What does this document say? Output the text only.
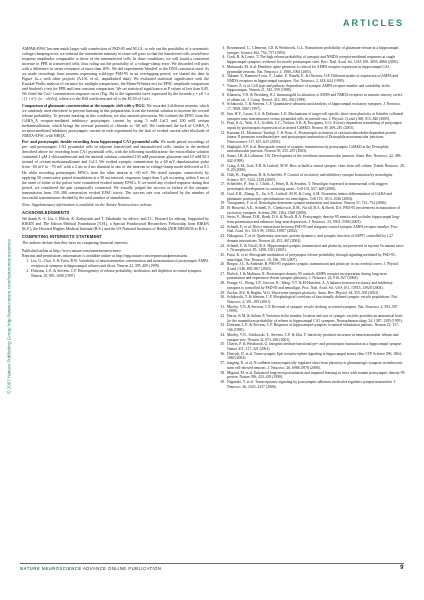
ARTICLES
© 2007 Nature Publishing Group http://www.nature.com/natureneuroscience

AMPAR-EPSC became much larger with transfection of PSD-95 and NLG1, to rule out the possibility of a systematic voltage-clamping error, we reduced the stimulation intensity in some cell pairs so that the transfected cells would have response amplitudes comparable to those of the untransfected cells. In those conditions, we still found a consistent increase in PPR in transfected cells, thus ruling out the possibility of a voltage-clamp error. We discarded cell pairs with a difference in series resistance of more than 20%. We did experiments 'blinded' to the DNA constructs used. As we made recordings from neurons expressing wild-type PSD-95 in an overlapping period, we shared the data in Figure 1a–c with other projects (A.I.K. et al., unpublished data). We evaluated statistical significance with the Kruskal-Wallis analysis of variance for multiple comparisons, the Mann-Whitney test for EPSC amplitude comparison and Student's t-test for PPR and time constant comparison. We set statistical significance at P values of less than 0.05. We fitted the Ca2+ concentration response curve (Fig. 3b) to the sigmoidal curve expressed by the formula y = y0 + a / [1 + e^(−(x − x0)/b)], where a is the Hill coefficient and x0 is the EC50 of Ca2+.

Comparison of glutamate concentration at the synaptic cleft with γ-DGG. We recorded 2 different neurons, which we randomly used elsewhere to prevent bursting in this preparations, from the external solution to increase the overall release probability. To prevent bursting in this condition, we also omitted picrotoxin. We isolated the EPSC from the GABA_A receptor-mediated inhibitory postsynaptic current by using 5 mM CaCl and 100 mM cesium methanesulfonate, which brings the reversal potential of chloride to −60 mV. We confirmed the lack of GABA_A receptor-mediated inhibitory postsynaptic current in each experiment by the lack of evoked current after blockade of NMDA-EPSC with NBQX.

Pre- and postsynaptic double recording from hippocampal CA3 pyramidal cells. We made paired recordings of pre- and postsynaptic CA3 pyramidal cells in adjacent transfected and untransfected cells, similar to the method described above for recording from CA1 pyramidal cells, with the following modifications: the extracellular solution contained 1 µM 2-chloroadenosine and the internal solution contained 130 mM potassium gluconate and 10 mM KCl instead of cesium methanesulfonate and CsCl. We evoked synaptic transmission by a 60 mV depolarization pulse from −60 mV to −70 mV with a 2 ms to 4 ms duration to one of the neurons in voltage-clamp mode delivered at 0.1 Hz while recording postsynaptic EPSCs from the other neuron at −60 mV. We tested synaptic connectivity by applying 50 consecutive paired stimulations at a 50 ms interval; responses larger than 5 pA occurring within 5 ms of the onset of either of the pulses were considered evoked unitary EPSCs. If we noted any evoked response during that period, we considered the pair synaptically connected. We visually judged the success or failure of the synaptic transmission from 150–300 consecutive evoked EPSC traces. The success rate was calculated by the number of successful transmissions divided by the total number of stimulations.

Note: Supplementary information is available on the Nature Neuroscience website.

ACKNOWLEDGMENTS

We thank K.-S. Liu, I. Ehlich, K. Kobayashi and T. Takahashi for advice, and J.C. Howard for editing. Supported by RIKEN and The Edison Medical Foundation (Y.H.), a Special Postdoctoral Researchers Fellowship from RIKEN (K.F.), the Howard Hughes Medical Institute (R.S.) and the US National Institutes of Health (NIH MH38256 to R.S.).

COMPETING INTERESTS STATEMENT

The authors declare that they have no competing financial interests.

Published online at http://www.nature.com/natureneuroscience
Reprints and permissions information is available online at http://npg.nature.com/reprintsandpermissions

1. Liu, G., Choi, S. & Tsien, R.W. Variability of neurotransmitter concentration and nonsaturation of postsynaptic AMPA receptors at synapses in hippocampal cultures and slices. Neuron 22, 395–409 (1999).
2. Dobrunz, L.E. & Stevens, C.F. Heterogeneity of release probability, facilitation, and depletion at central synapses. Neuron 18, 995–1008 (1997).
3. Rosenmund, C., Clements, J.D. & Westbrook, G.L. Nonuniform probability of glutamate release at a hippocampal synapse. Science 262, 754–757 (1993).
4. Cook, R. & Lomo, T. The high release probability of synaptic and NMDA receptor-mediated responses at single hippocampal synapses: evidence for motile postsynaptic sites. Proc. Natl. Acad. Sci. USA 100, 4855–4860 (2003).
5. Matsuzaki, M. et al. Dendritic spine geometry is critical for AMPA receptor expression in hippocampal CA1 pyramidal neurons. Nat. Neurosci. 4, 1086–1092 (2001).
6. Takumi, Y., Ramirez-Leon, V., Laake, P., Rinvik, E. & Ottersen, O.P. Different modes of expression of AMPA and NMDA receptors in hippocampal synapses. Nat. Neurosci. 2, 618–624 (1999).
7. Nusser, Z. et al. Cell type and pathway dependence of synaptic AMPA receptor number and variability in the hippocampus. Neuron 21, 545–559 (1998).
8. Kharazia, V.N. & Weinberg, R.J. Immunogold localization of AMPA and NMDA receptors in somatic sensory cortex of albino rat. J. Comp. Neurol. 412, 292–302 (1999).
9. Schikorski, T. & Stevens, C.F. Quantitative ultrastructural analysis of hippocampal excitatory synapses. J. Neurosci. 17, 5858–5867 (1997).
10. Sun, H.Y., Lyons, S.A. & Dobrunz, L.E. Mechanisms of target-cell specific short-term plasticity at Schaffer collateral synapses onto interneurones versus pyramidal cells in juvenile rats. J. Physiol. (Lond.) 568, 815–840 (2005).
11. Pratt, K.G., Watt, A.J., Griffith, L.C., Nelson, S.B. & Turrigiano, G.G. Activity-dependent remodeling of presynaptic inputs by postsynaptic expression of activated CaMKII. Neuron 39, 269–281 (2003).
12. Kazama, H., Morimoto-Tanifuji, T. & Nose, A. Postsynaptic activation of calcium/calmodulin-dependent protein kinase II promotes coordinated pre- and postsynaptic maturation of Drosophila neuromuscular junctions. Neuroscience 117, 615–625 (2003).
13. Haghighi, A.P. et al. Retrograde control of synaptic transmission by postsynaptic CaMKII at the Drosophila neuromuscular junction. Neuron 39, 255–267 (2003).
14. Sanes, J.R. & Lichtman, J.W. Development of the vertebrate neuromuscular junction. Annu. Rev. Neurosci. 22, 389–442 (1999).
15. Craig, A.M., Graf, E.R. & Linhoff, M.W. How to build a central synapse: clues from cell culture. Trends Neurosci. 29, 8–20 (2006).
16. Chih, B., Engelman, H. & Scheiffele, P. Control of excitatory and inhibitory synapse formation by neuroligins. Science 307, 1324–1328 (2005).
17. Scheiffele, P., Fan, J., Choih, J., Fetter, R. & Serafini, T. Neuroligin expressed in nonneuronal cells triggers presynaptic development in contacting axons. Cell 101, 657–669 (2000).
18. Graf, E.R., Zhang, X., Jin, S.X., Linhoff, M.W. & Craig, A.M. Neurexins induce differentiation of GABA and glutamate postsynaptic specializations via neuroligins. Cell 119, 1013–1026 (2004).
19. Varoqueaux, F. et al. Neuroligins determine synapse maturation and function. Neuron 51, 741–754 (2006).
20. El-Husseini, A.E., Schnell, E., Chetkovich, D.M., Nicoll, R.A. & Bredt, D.S. PSD-95 involvement in maturation of excitatory synapses. Science 290, 1364–1368 (2000).
21. Stein, V., House, D.R., Bredt, D.S. & Nicoll, R.A. Postsynaptic density-95 mimics and occludes hippocampal long-term potentiation and enhances long-term depression. J. Neurosci. 23, 5503–5506 (2003).
22. Schnell, E. et al. Direct interactions between PSD-95 and stargazin control synaptic AMPA receptor number. Proc. Natl. Acad. Sci. USA 99, 13902–13907 (2002).
23. Nakagawa, T. et al. Quaternary structure, protein dynamics, and synaptic function of SAP97 controlled by L27 domain interactions. Neuron 44, 453–467 (2004).
24. Schnell, E. & Nicoll, R.A. Hippocampal synaptic transmission and plasticity are preserved in myosin Va mutant mice. J. Neurophysiol. 85, 1498–1501 (2001).
25. Futai, K. et al. Retrograde modulation of presynaptic release probability through signaling mediated by PSD-95–neuroligin. Nat. Neurosci. 10, 186–195 (2007).
26. Beique, J.C. & Andrade, R. PSD-95 regulates synaptic transmission and plasticity in rat cerebral cortex. J. Physiol. (Lond.) 546, 859–867 (2003).
27. Ehrlich, I. & Malinow, R. Postsynaptic density 95 controls AMPA receptor incorporation during long-term potentiation and experience-driven synaptic plasticity. J. Neurosci. 24, 916–927 (2004).
28. Prange, O., Wong, T.P., Gerrow, K., Wang, Y.T. & El-Husseini, A. A balance between excitatory and inhibitory synapses is controlled by PSD-95 and neuroligin. Proc. Natl. Acad. Sci. USA 101, 13915–13920 (2004).
29. Zucker, R.S. & Regehr, W.G. Short-term synaptic plasticity. Annu. Rev. Physiol. 64, 355–405 (2002).
30. Schikorski, T. & Stevens, C.F. Morphological correlates of functionally defined synaptic vesicle populations. Nat. Neurosci. 4, 391–395 (2001).
31. Murthy, V.N. & Stevens, C.F. Reversal of synaptic vesicle docking at central synapses. Nat. Neurosci. 2, 503–507 (1999).
32. Harris, K.M. & Sultan, P. Variation in the number, location and size of synaptic vesicles provides an anatomical basis for the nonuniform probability of release at hippocampal CA1 synapses. Neuropharmacology 34, 1387–1395 (1995).
33. Dobrunz, L.E. & Stevens, C.F. Response of hippocampal synapses to natural stimulation patterns. Neuron 22, 157–166 (1999).
34. Murthy, V.N., Schikorski, T., Stevens, C.F. & Zhu, Y. Inactivity produces increases in neurotransmitter release and synapse size. Neuron 32, 673–682 (2001).
35. Chavis, P. & Westbrook, G. Integrins mediate functional pre- and postsynaptic maturation at a hippocampal synapse. Nature 411, 317–321 (2001).
36. Dietrich, D. et al. Trans-synaptic Eph receptor-ephrin signaling in hippocampal mossy fiber LTP. Science 296, 1864–1869 (2002).
37. Junging, K. et al. N-cadherin transsynaptically regulates short-term plasticity at glutamatergic synapses in embryonic stem cell-derived neurons. J. Neurosci. 26, 6968–6978 (2006).
38. Migaud, M. et al. Enhanced long-term potentiation and impaired learning in mice with mutant postsynaptic density-95 protein. Nature 396, 433–439 (1998).
39. Nagasaki, Y. et al. Transcriptomic signaling by postsynaptic adhesion molecules regulates synapse maturation. J. Neurosci. 26, 2345–2357 (2006).
NATURE NEUROSCIENCE ADVANCE ONLINE PUBLICATION	9
